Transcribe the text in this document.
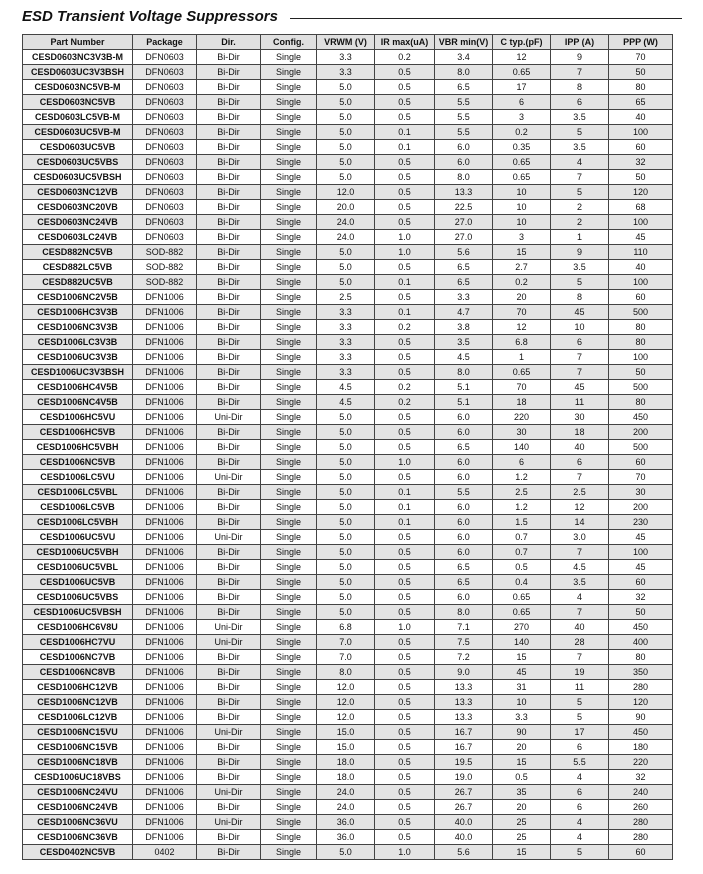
ESD Transient Voltage Suppressors
Part Number	Package	Dir.	Config.	VRWM (V)	IR max(uA)	VBR min(V)	C typ.(pF)	IPP (A)	PPP (W)
CESD0603NC3V3B-M	DFN0603	Bi-Dir	Single	3.3	0.2	3.4	12	9	70
CESD0603UC3V3BSH	DFN0603	Bi-Dir	Single	3.3	0.5	8.0	0.65	7	50
CESD0603NC5VB-M	DFN0603	Bi-Dir	Single	5.0	0.5	6.5	17	8	80
CESD0603NC5VB	DFN0603	Bi-Dir	Single	5.0	0.5	5.5	6	6	65
CESD0603LC5VB-M	DFN0603	Bi-Dir	Single	5.0	0.5	5.5	3	3.5	40
CESD0603UC5VB-M	DFN0603	Bi-Dir	Single	5.0	0.1	5.5	0.2	5	100
CESD0603UC5VB	DFN0603	Bi-Dir	Single	5.0	0.1	6.0	0.35	3.5	60
CESD0603UC5VBS	DFN0603	Bi-Dir	Single	5.0	0.5	6.0	0.65	4	32
CESD0603UC5VBSH	DFN0603	Bi-Dir	Single	5.0	0.5	8.0	0.65	7	50
CESD0603NC12VB	DFN0603	Bi-Dir	Single	12.0	0.5	13.3	10	5	120
CESD0603NC20VB	DFN0603	Bi-Dir	Single	20.0	0.5	22.5	10	2	68
CESD0603NC24VB	DFN0603	Bi-Dir	Single	24.0	0.5	27.0	10	2	100
CESD0603LC24VB	DFN0603	Bi-Dir	Single	24.0	1.0	27.0	3	1	45
CESD882NC5VB	SOD-882	Bi-Dir	Single	5.0	1.0	5.6	15	9	110
CESD882LC5VB	SOD-882	Bi-Dir	Single	5.0	0.5	6.5	2.7	3.5	40
CESD882UC5VB	SOD-882	Bi-Dir	Single	5.0	0.1	6.5	0.2	5	100
CESD1006NC2V5B	DFN1006	Bi-Dir	Single	2.5	0.5	3.3	20	8	60
CESD1006HC3V3B	DFN1006	Bi-Dir	Single	3.3	0.1	4.7	70	45	500
CESD1006NC3V3B	DFN1006	Bi-Dir	Single	3.3	0.2	3.8	12	10	80
CESD1006LC3V3B	DFN1006	Bi-Dir	Single	3.3	0.5	3.5	6.8	6	80
CESD1006UC3V3B	DFN1006	Bi-Dir	Single	3.3	0.5	4.5	1	7	100
CESD1006UC3V3BSH	DFN1006	Bi-Dir	Single	3.3	0.5	8.0	0.65	7	50
CESD1006HC4V5B	DFN1006	Bi-Dir	Single	4.5	0.2	5.1	70	45	500
CESD1006NC4V5B	DFN1006	Bi-Dir	Single	4.5	0.2	5.1	18	11	80
CESD1006HC5VU	DFN1006	Uni-Dir	Single	5.0	0.5	6.0	220	30	450
CESD1006HC5VB	DFN1006	Bi-Dir	Single	5.0	0.5	6.0	30	18	200
CESD1006HC5VBH	DFN1006	Bi-Dir	Single	5.0	0.5	6.5	140	40	500
CESD1006NC5VB	DFN1006	Bi-Dir	Single	5.0	1.0	6.0	6	6	60
CESD1006LC5VU	DFN1006	Uni-Dir	Single	5.0	0.5	6.0	1.2	7	70
CESD1006LC5VBL	DFN1006	Bi-Dir	Single	5.0	0.1	5.5	2.5	2.5	30
CESD1006LC5VB	DFN1006	Bi-Dir	Single	5.0	0.1	6.0	1.2	12	200
CESD1006LC5VBH	DFN1006	Bi-Dir	Single	5.0	0.1	6.0	1.5	14	230
CESD1006UC5VU	DFN1006	Uni-Dir	Single	5.0	0.5	6.0	0.7	3.0	45
CESD1006UC5VBH	DFN1006	Bi-Dir	Single	5.0	0.5	6.0	0.7	7	100
CESD1006UC5VBL	DFN1006	Bi-Dir	Single	5.0	0.5	6.5	0.5	4.5	45
CESD1006UC5VB	DFN1006	Bi-Dir	Single	5.0	0.5	6.5	0.4	3.5	60
CESD1006UC5VBS	DFN1006	Bi-Dir	Single	5.0	0.5	6.0	0.65	4	32
CESD1006UC5VBSH	DFN1006	Bi-Dir	Single	5.0	0.5	8.0	0.65	7	50
CESD1006HC6V8U	DFN1006	Uni-Dir	Single	6.8	1.0	7.1	270	40	450
CESD1006HC7VU	DFN1006	Uni-Dir	Single	7.0	0.5	7.5	140	28	400
CESD1006NC7VB	DFN1006	Bi-Dir	Single	7.0	0.5	7.2	15	7	80
CESD1006NC8VB	DFN1006	Bi-Dir	Single	8.0	0.5	9.0	45	19	350
CESD1006HC12VB	DFN1006	Bi-Dir	Single	12.0	0.5	13.3	31	11	280
CESD1006NC12VB	DFN1006	Bi-Dir	Single	12.0	0.5	13.3	10	5	120
CESD1006LC12VB	DFN1006	Bi-Dir	Single	12.0	0.5	13.3	3.3	5	90
CESD1006NC15VU	DFN1006	Uni-Dir	Single	15.0	0.5	16.7	90	17	450
CESD1006NC15VB	DFN1006	Bi-Dir	Single	15.0	0.5	16.7	20	6	180
CESD1006NC18VB	DFN1006	Bi-Dir	Single	18.0	0.5	19.5	15	5.5	220
CESD1006UC18VBS	DFN1006	Bi-Dir	Single	18.0	0.5	19.0	0.5	4	32
CESD1006NC24VU	DFN1006	Uni-Dir	Single	24.0	0.5	26.7	35	6	240
CESD1006NC24VB	DFN1006	Bi-Dir	Single	24.0	0.5	26.7	20	6	260
CESD1006NC36VU	DFN1006	Uni-Dir	Single	36.0	0.5	40.0	25	4	280
CESD1006NC36VB	DFN1006	Bi-Dir	Single	36.0	0.5	40.0	25	4	280
CESD0402NC5VB	0402	Bi-Dir	Single	5.0	1.0	5.6	15	5	60
